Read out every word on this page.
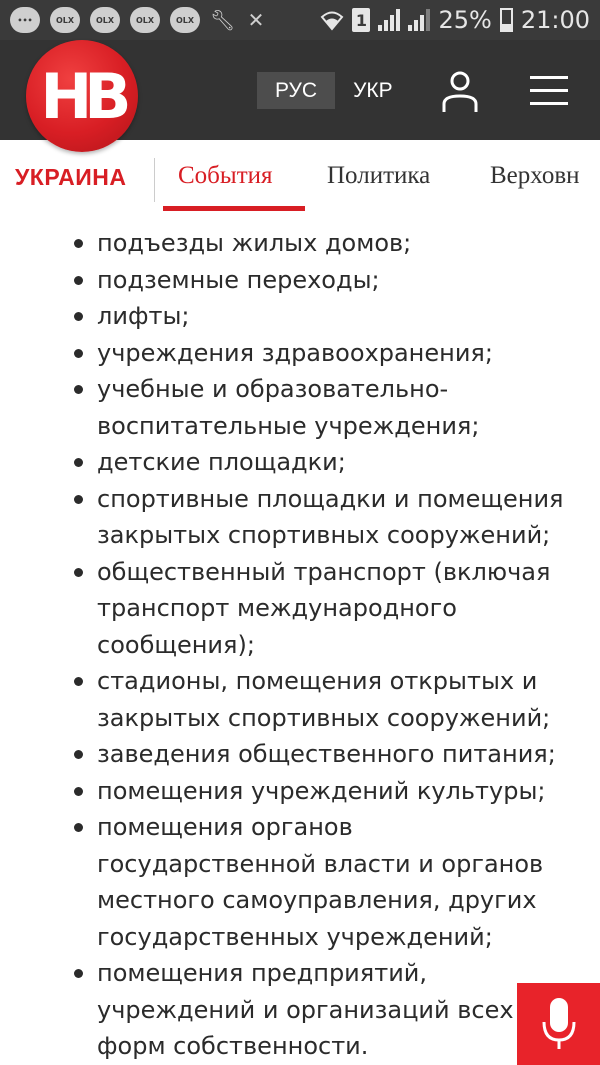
•••	OLX	OLX	OLX	OLX 🔧︎ ✕	1	25% 21:00
НВ	РУС	УКР
УКРАИНА События Политика Верховн
подъезды жилых домов;
подземные переходы;
лифты;
учреждения здравоохранения;
учебные и образовательно-воспитательные учреждения;
детские площадки;
спортивные площадки и помещения закрытых спортивных сооружений;
общественный транспорт (включая транспорт международного сообщения);
стадионы, помещения открытых и закрытых спортивных сооружений;
заведения общественного питания;
помещения учреждений культуры;
помещения органов государственной власти и органов местного самоуправления, других государственных учреждений;
помещения предприятий, учреждений и организаций всех форм собственности.
